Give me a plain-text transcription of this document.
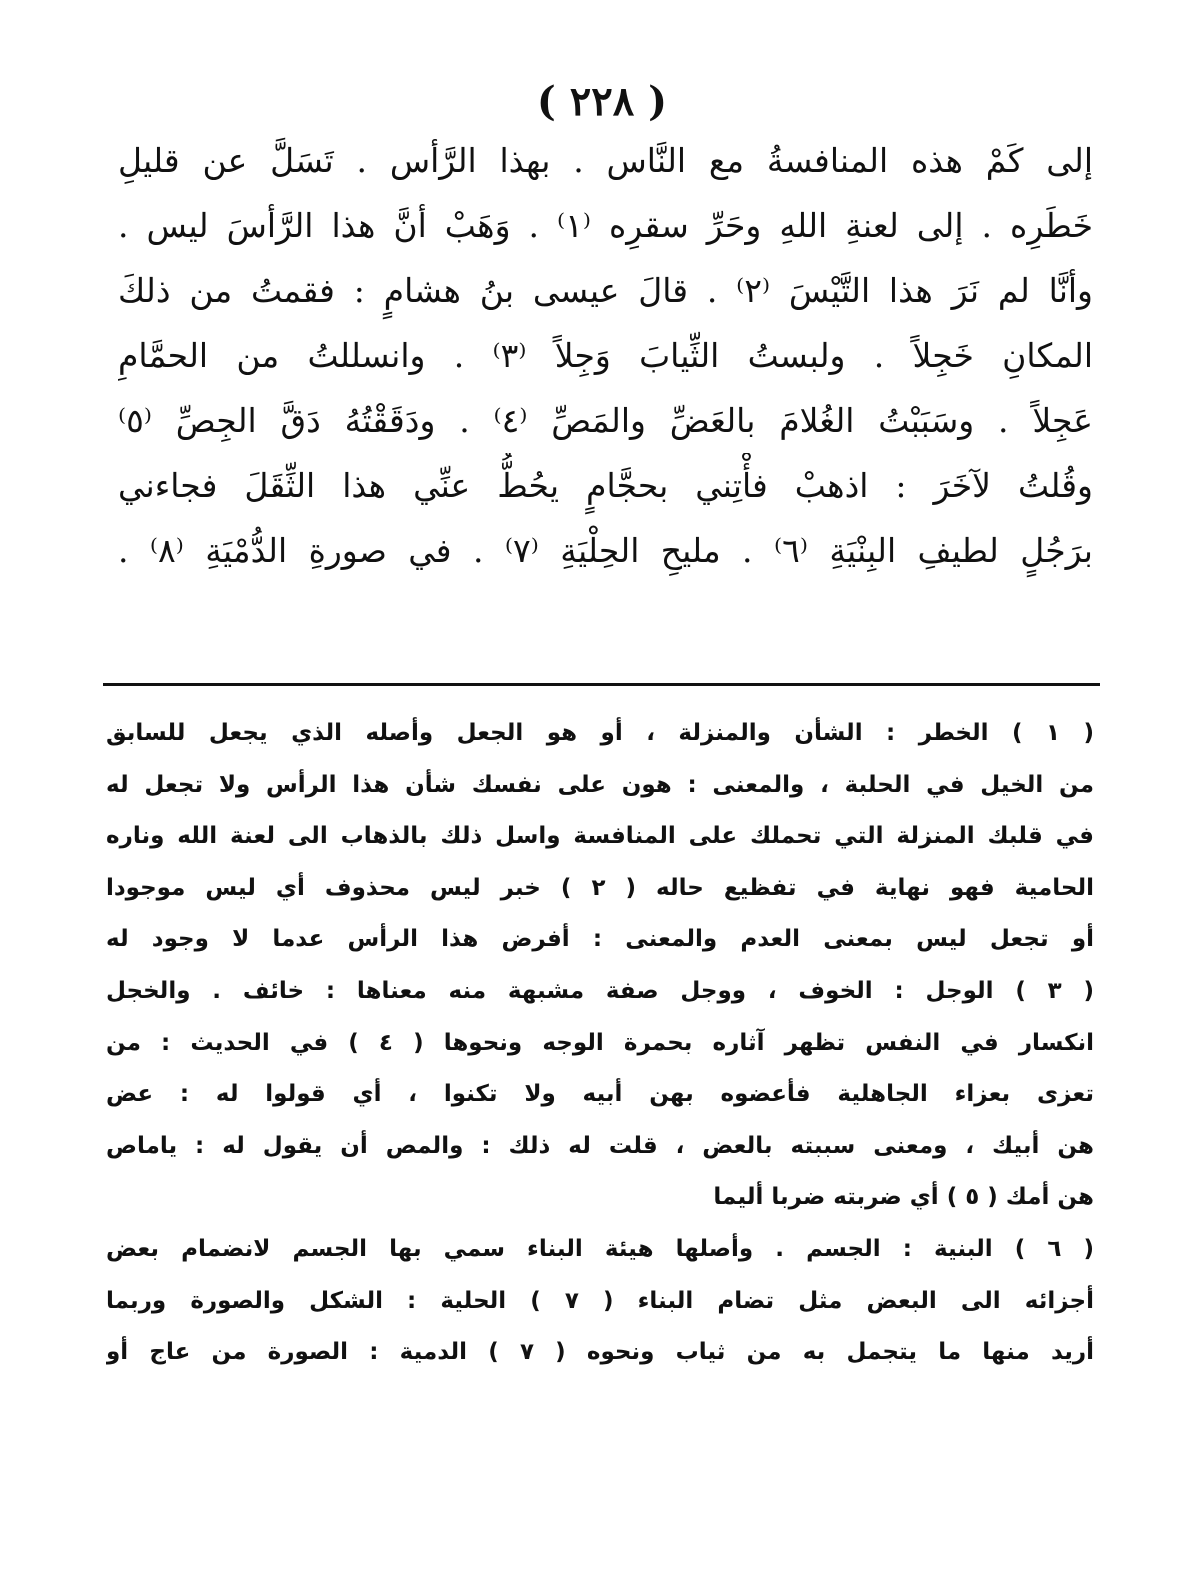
( ٢٢٨ )
إلى كَمْ هذه المنافسةُ مع النَّاس . بهذا الرَّأس . تَسَلَّ عن قليلِ
خَطَرِه . إلى لعنةِ اللهِ وحَرِّ سقرِه ⁽١⁾ . وَهَبْ أنَّ هذا الرَّأسَ ليس .
وأنَّا لم نَرَ هذا التَّيْسَ ⁽٢⁾ . قالَ عيسى بنُ هشامٍ : فقمتُ من ذلكَ
المكانِ خَجِلاً . ولبستُ الثِّيابَ وَجِلاً ⁽٣⁾ . وانسللتُ من الحمَّامِ
عَجِلاً . وسَبَبْتُ الغُلامَ بالعَضِّ والمَصِّ ⁽٤⁾ . ودَقَقْتُهُ دَقَّ الجِصِّ ⁽٥⁾
وقُلتُ لآخَرَ : اذهبْ فأْتِني بحجَّامٍ يحُطُّ عنِّي هذا الثِّقَلَ فجاءني
برَجُلٍ لطيفِ البِنْيَةِ ⁽٦⁾ . مليحِ الحِلْيَةِ ⁽٧⁾ . في صورةِ الدُّمْيَةِ ⁽٨⁾ .
( ١ ) الخطر : الشأن والمنزلة ، أو هو الجعل وأصله الذي يجعل للسابق
من الخيل في الحلبة ، والمعنى : هون على نفسك شأن هذا الرأس ولا تجعل له
في قلبك المنزلة التي تحملك على المنافسة واسل ذلك بالذهاب الى لعنة الله وناره
الحامية فهو نهاية في تفظيع حاله ( ٢ ) خبر ليس محذوف أي ليس موجودا
أو تجعل ليس بمعنى العدم والمعنى : أفرض هذا الرأس عدما لا وجود له
( ٣ ) الوجل : الخوف ، ووجل صفة مشبهة منه معناها : خائف . والخجل
انكسار في النفس تظهر آثاره بحمرة الوجه ونحوها ( ٤ ) في الحديث : من
تعزى بعزاء الجاهلية فأعضوه بهن أبيه ولا تكنوا ، أي قولوا له : عض
هن أبيك ، ومعنى سببته بالعض ، قلت له ذلك : والمص أن يقول له : ياماص
هن أمك ( ٥ ) أي ضربته ضربا أليما
( ٦ ) البنية : الجسم . وأصلها هيئة البناء سمي بها الجسم لانضمام بعض
أجزائه الى البعض مثل تضام البناء ( ٧ ) الحلية : الشكل والصورة وربما
أريد منها ما يتجمل به من ثياب ونحوه ( ٧ ) الدمية : الصورة من عاج أو
